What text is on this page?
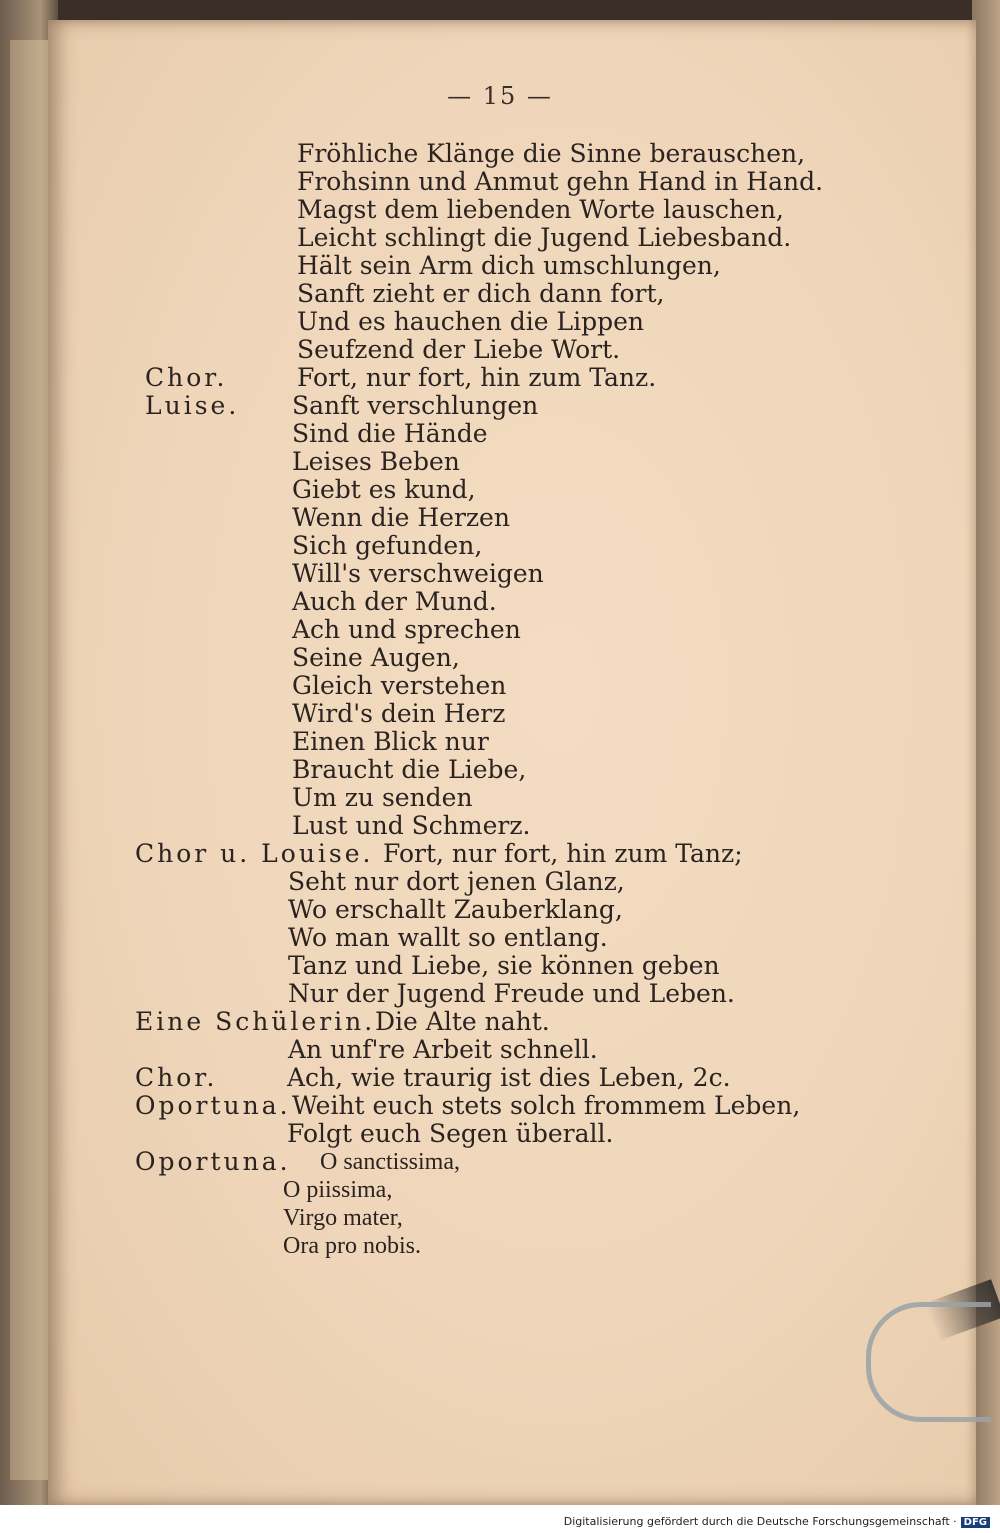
— 15 —
Fröhliche Klänge die Sinne berauschen,
Frohsinn und Anmut gehn Hand in Hand.
Magst dem liebenden Worte lauschen,
Leicht schlingt die Jugend Liebesband.
Hält sein Arm dich umschlungen,
Sanft zieht er dich dann fort,
Und es hauchen die Lippen
Seufzend der Liebe Wort.
Chor.	Fort, nur fort, hin zum Tanz.
Luise. Sanft verschlungen
Sind die Hände
Leises Beben
Giebt es kund,
Wenn die Herzen
Sich gefunden,
Will's verschweigen
Auch der Mund.
Ach und sprechen
Seine Augen,
Gleich verstehen
Wird's dein Herz
Einen Blick nur
Braucht die Liebe,
Um zu senden
Lust und Schmerz.
Chor u. Louise. Fort, nur fort, hin zum Tanz;
Seht nur dort jenen Glanz,
Wo erschallt Zauberklang,
Wo man wallt so entlang.
Tanz und Liebe, sie können geben
Nur der Jugend Freude und Leben.
Eine Schülerin. Die Alte naht.
An unf're Arbeit schnell.
Chor.	Ach, wie traurig ist dies Leben, 2c.
Oportuna. Weiht euch stets solch frommem Leben,
Folgt euch Segen überall.
Oportuna. O sanctissima,
O piissima,
Virgo mater,
Ora pro nobis.
Digitalisierung gefördert durch die Deutsche Forschungsgemeinschaft · DFG
